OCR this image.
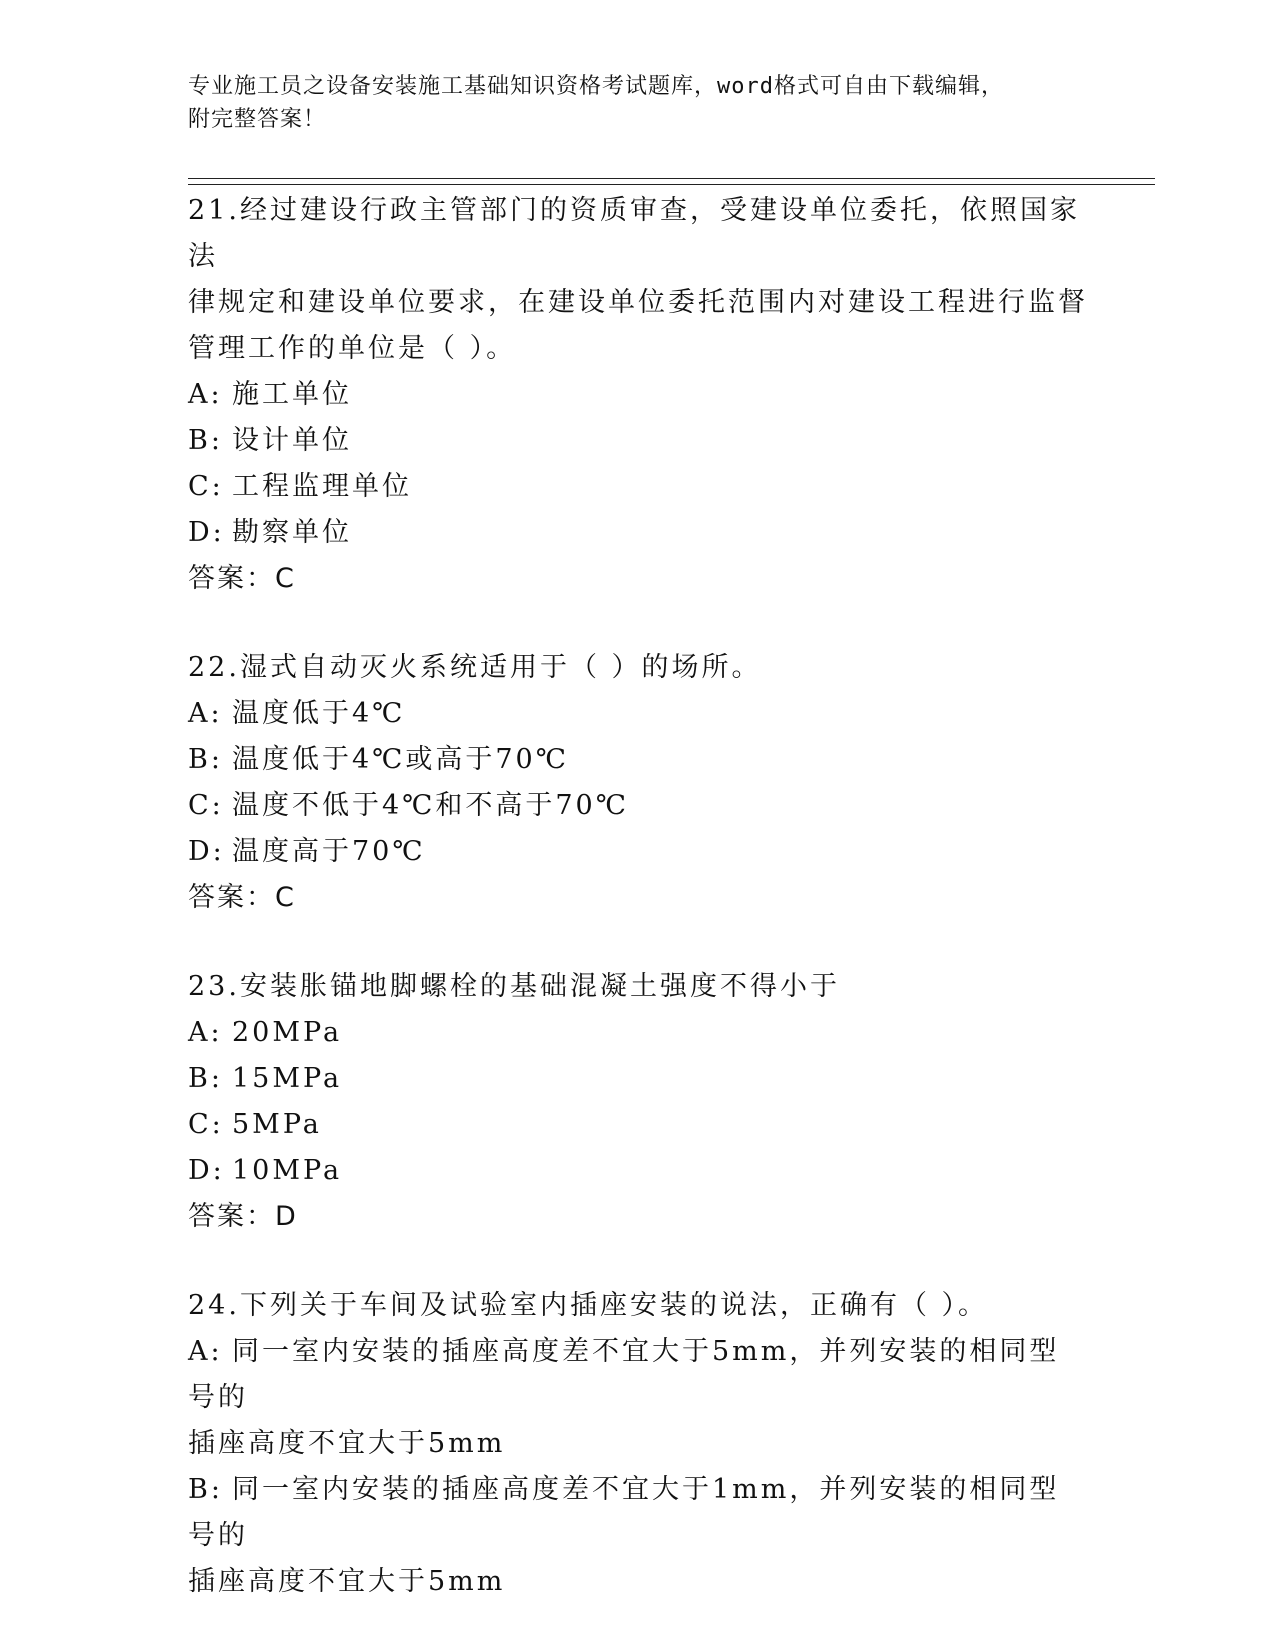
专业施工员之设备安装施工基础知识资格考试题库，word格式可自由下载编辑，
附完整答案！

21.经过建设行政主管部门的资质审查，受建设单位委托，依照国家法

律规定和建设单位要求，在建设单位委托范围内对建设工程进行监督

管理工作的单位是（ ）。

A: 施工单位

B: 设计单位

C: 工程监理单位

D: 勘察单位

答案：C

22.湿式自动灭火系统适用于（ ）的场所。

A: 温度低于4℃

B: 温度低于4℃或高于70℃

C: 温度不低于4℃和不高于70℃

D: 温度高于70℃

答案：C

23.安装胀锚地脚螺栓的基础混凝土强度不得小于

A: 20MPa

B: 15MPa

C: 5MPa

D: 10MPa

答案：D

24.下列关于车间及试验室内插座安装的说法，正确有（ ）。

A: 同一室内安装的插座高度差不宜大于5mm，并列安装的相同型号的

插座高度不宜大于5mm

B: 同一室内安装的插座高度差不宜大于1mm，并列安装的相同型号的

插座高度不宜大于5mm
